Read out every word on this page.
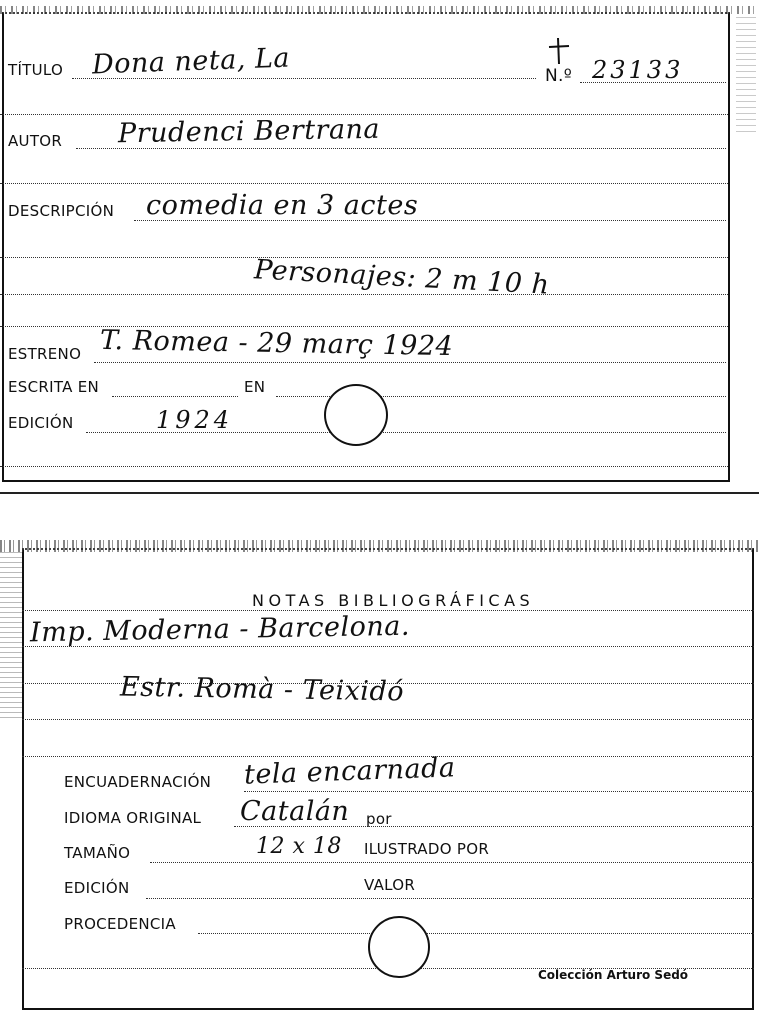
TÍTULO Dona neta, La	N.º 23133
AUTOR Prudenci Bertrana
DESCRIPCIÓN comedia en 3 actes
Personajes: 2 m 10 h
ESTRENO T. Romea - 29 març 1924
ESCRITA EN	EN
EDICIÓN	1924
NOTAS BIBLIOGRÁFICAS
Imp. Moderna - Barcelona.
Estr. Romà - Teixidó
ENCUADERNACIÓN tela encarnada
IDIOMA ORIGINAL Catalán por
TAMAÑO	12 x 18 ILUSTRADO POR
EDICIÓN	VALOR
PROCEDENCIA
Colección Arturo Sedó
